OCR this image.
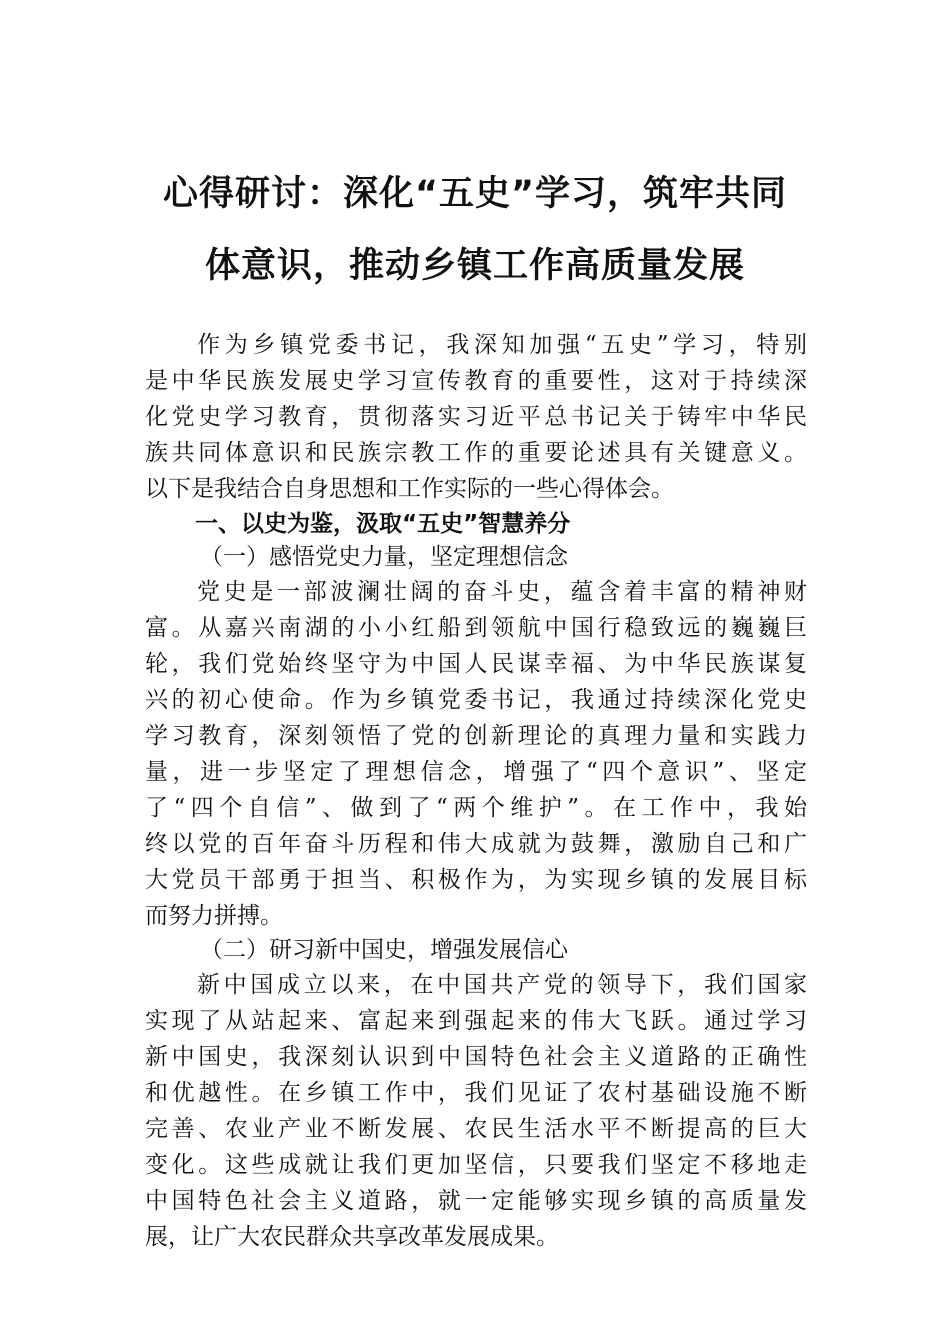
心得研讨：深化“五史”学习，筑牢共同
体意识，推动乡镇工作高质量发展
作为乡镇党委书记，我深知加强“五史”学习，特别
是中华民族发展史学习宣传教育的重要性，这对于持续深
化党史学习教育，贯彻落实习近平总书记关于铸牢中华民
族共同体意识和民族宗教工作的重要论述具有关键意义。
以下是我结合自身思想和工作实际的一些心得体会。
一、以史为鉴，汲取“五史”智慧养分
（一）感悟党史力量，坚定理想信念
党史是一部波澜壮阔的奋斗史，蕴含着丰富的精神财
富。从嘉兴南湖的小小红船到领航中国行稳致远的巍巍巨
轮，我们党始终坚守为中国人民谋幸福、为中华民族谋复
兴的初心使命。作为乡镇党委书记，我通过持续深化党史
学习教育，深刻领悟了党的创新理论的真理力量和实践力
量，进一步坚定了理想信念，增强了“四个意识”、坚定
了“四个自信”、做到了“两个维护”。在工作中，我始
终以党的百年奋斗历程和伟大成就为鼓舞，激励自己和广
大党员干部勇于担当、积极作为，为实现乡镇的发展目标
而努力拼搏。
（二）研习新中国史，增强发展信心
新中国成立以来，在中国共产党的领导下，我们国家
实现了从站起来、富起来到强起来的伟大飞跃。通过学习
新中国史，我深刻认识到中国特色社会主义道路的正确性
和优越性。在乡镇工作中，我们见证了农村基础设施不断
完善、农业产业不断发展、农民生活水平不断提高的巨大
变化。这些成就让我们更加坚信，只要我们坚定不移地走
中国特色社会主义道路，就一定能够实现乡镇的高质量发
展，让广大农民群众共享改革发展成果。
